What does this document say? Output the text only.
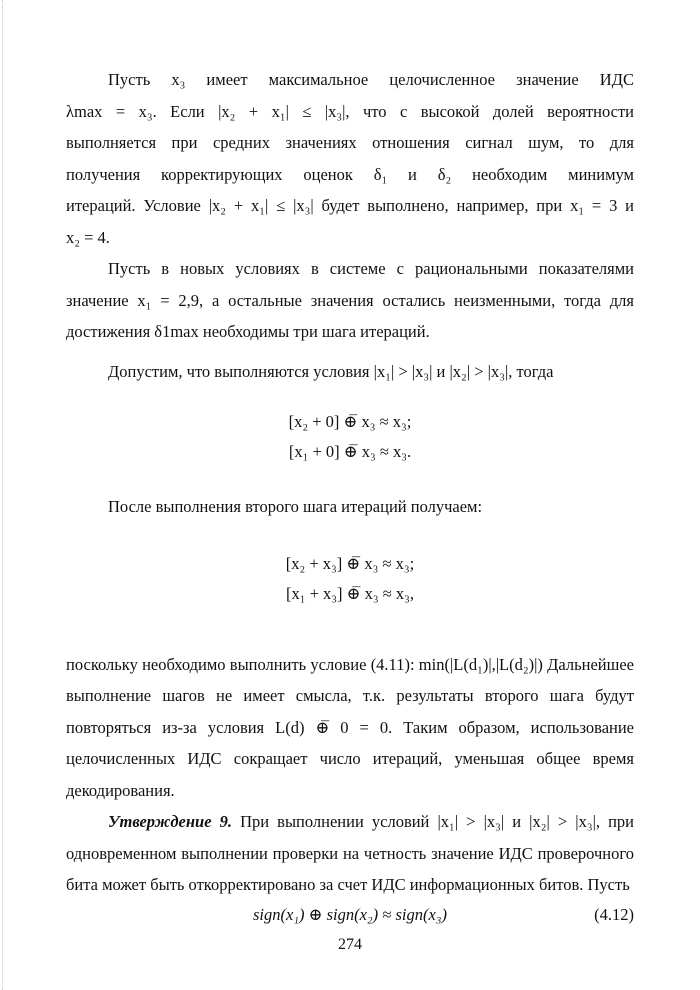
Пусть x₃ имеет максимальное целочисленное значение ИДС

λmax = x₃. Если |x₂ + x₁| ≤ |x₃|, что с высокой долей вероятности

выполняется при средних значениях отношения сигнал шум, то для

получения корректирующих оценок δ₁ и δ₂ необходим минимум

итераций. Условие |x₂ + x₁| ≤ |x₃| будет выполнено, например, при x₁ = 3 и

x₂ = 4.

Пусть в новых условиях в системе с рациональными показателями значение x₁ = 2,9, а остальные значения остались неизменными, тогда для достижения δ1max необходимы три шага итераций.

Допустим, что выполняются условия |x₁| > |x₃| и |x₂| > |x₃|, тогда

[x₂ + 0] ⊕̅ x₃ ≈ x₃;
[x₁ + 0] ⊕̅ x₃ ≈ x₃.

После выполнения второго шага итераций получаем:

[x₂ + x₃] ⊕̅ x₃ ≈ x₃;
[x₁ + x₃] ⊕̅ x₃ ≈ x₃,

поскольку необходимо выполнить условие (4.11): min(|L(d₁)|,|L(d₂)|) Дальнейшее выполнение шагов не имеет смысла, т.к. результаты второго шага будут повторяться из-за условия L(d) ⊕̅ 0 = 0. Таким образом, использование целочисленных ИДС сокращает число итераций, уменьшая общее время декодирования.

Утверждение 9. При выполнении условий |x₁| > |x₃| и |x₂| > |x₃|, при одновременном выполнении проверки на четность значение ИДС проверочного бита может быть откорректировано за счет ИДС информационных битов. Пусть

sign(x₁) ⊕ sign(x₂) ≈ sign(x₃)	(4.12)
274
